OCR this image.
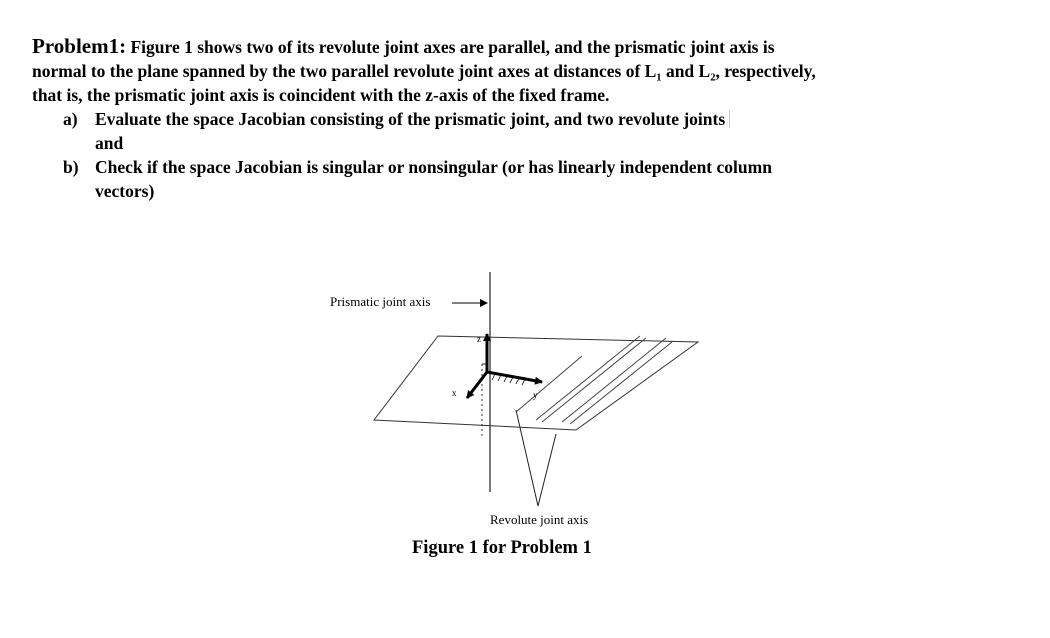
Problem1: Figure 1 shows two of its revolute joint axes are parallel, and the prismatic joint axis is
normal to the plane spanned by the two parallel revolute joint axes at distances of L₁ and L₂, respectively,
that is, the prismatic joint axis is coincident with the z-axis of the fixed frame.

a) Evaluate the space Jacobian consisting of the prismatic joint, and two revolute joints
and
b) Check if the space Jacobian is singular or nonsingular (or has linearly independent column
vectors)
Prismatic joint axis
Revolute joint axis
z
x	y
Figure 1 for Problem 1
